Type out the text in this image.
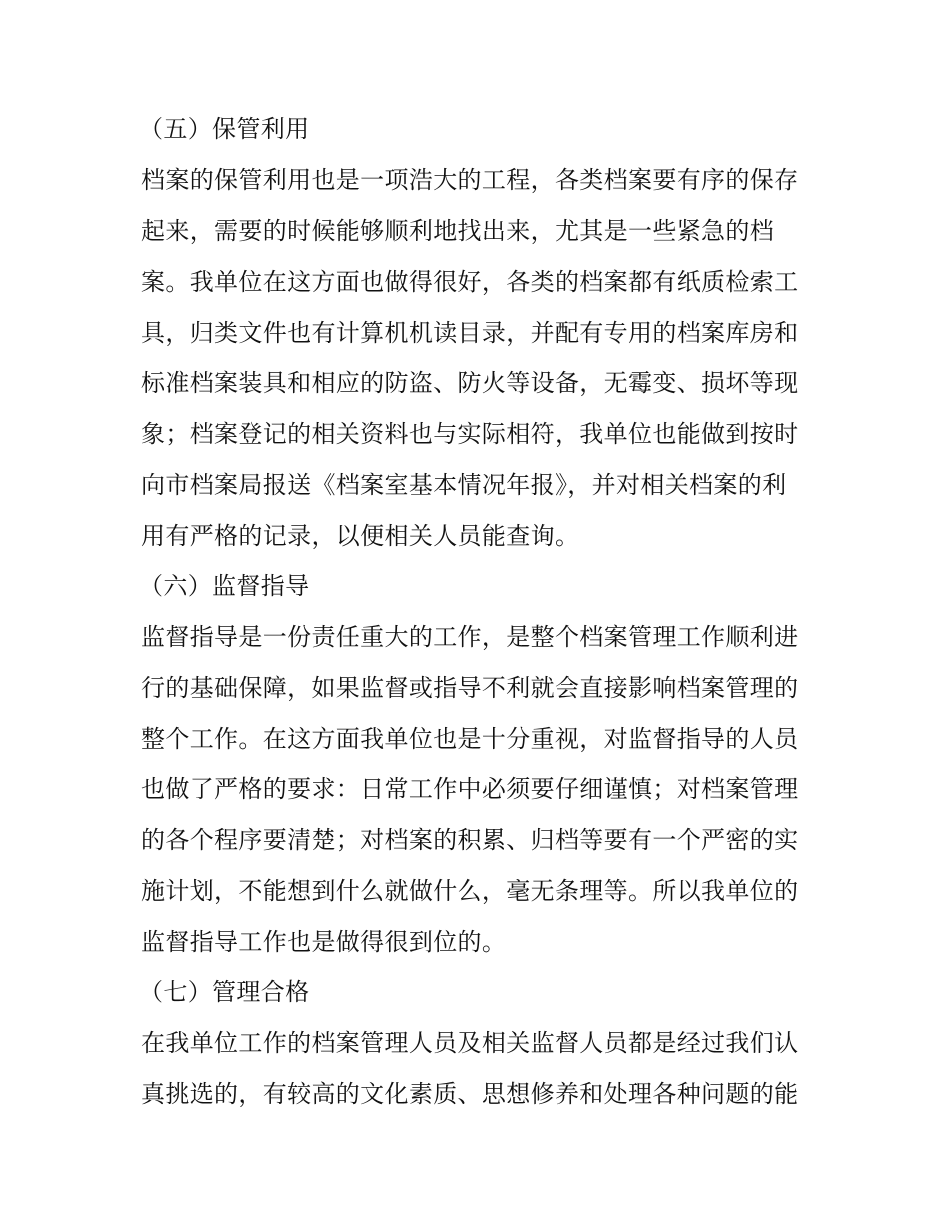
（五）保管利用
档案的保管利用也是一项浩大的工程，各类档案要有序的保存
起来，需要的时候能够顺利地找出来，尤其是一些紧急的档
案。我单位在这方面也做得很好，各类的档案都有纸质检索工
具，归类文件也有计算机机读目录，并配有专用的档案库房和
标准档案装具和相应的防盗、防火等设备，无霉变、损坏等现
象；档案登记的相关资料也与实际相符，我单位也能做到按时
向市档案局报送《档案室基本情况年报》，并对相关档案的利
用有严格的记录，以便相关人员能查询。
（六）监督指导
监督指导是一份责任重大的工作，是整个档案管理工作顺利进
行的基础保障，如果监督或指导不利就会直接影响档案管理的
整个工作。在这方面我单位也是十分重视，对监督指导的人员
也做了严格的要求：日常工作中必须要仔细谨慎；对档案管理
的各个程序要清楚；对档案的积累、归档等要有一个严密的实
施计划，不能想到什么就做什么，毫无条理等。所以我单位的
监督指导工作也是做得很到位的。
（七）管理合格
在我单位工作的档案管理人员及相关监督人员都是经过我们认
真挑选的，有较高的文化素质、思想修养和处理各种问题的能
